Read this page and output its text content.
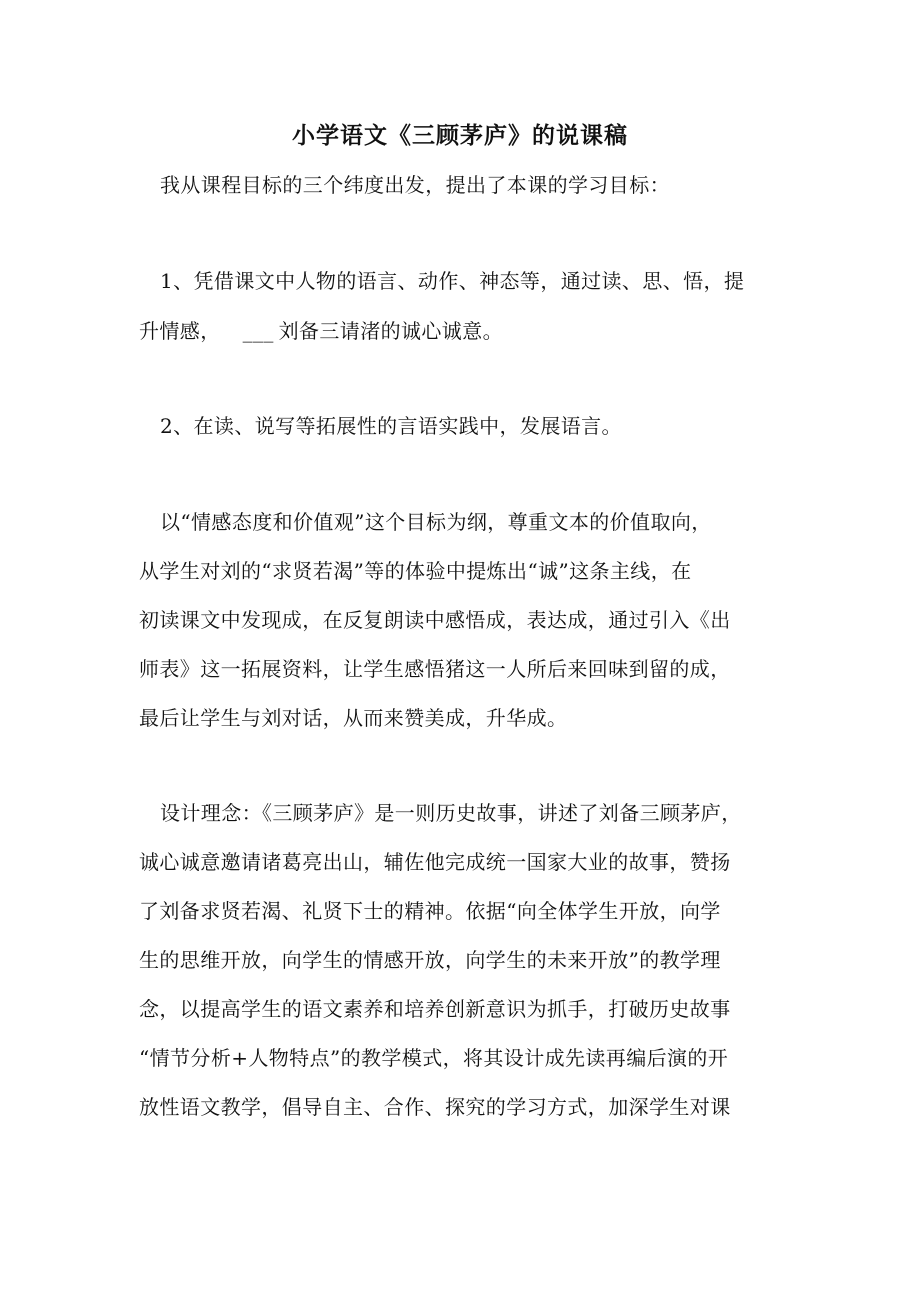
小学语文《三顾茅庐》的说课稿
我从课程目标的三个纬度出发，提出了本课的学习目标：
1、凭借课文中人物的语言、动作、神态等，通过读、思、悟，提
升情感， ___ 刘备三请渚的诚心诚意。
2、在读、说写等拓展性的言语实践中，发展语言。
以“情感态度和价值观”这个目标为纲，尊重文本的价值取向，
从学生对刘的“求贤若渴”等的体验中提炼出“诚”这条主线，在
初读课文中发现成，在反复朗读中感悟成，表达成，通过引入《出
师表》这一拓展资料，让学生感悟猪这一人所后来回味到留的成，
最后让学生与刘对话，从而来赞美成，升华成。
设计理念：《三顾茅庐》是一则历史故事，讲述了刘备三顾茅庐，
诚心诚意邀请诸葛亮出山，辅佐他完成统一国家大业的故事，赞扬
了刘备求贤若渴、礼贤下士的精神。依据“向全体学生开放，向学
生的思维开放，向学生的情感开放，向学生的未来开放”的教学理
念，以提高学生的语文素养和培养创新意识为抓手，打破历史故事
“情节分析+人物特点”的教学模式，将其设计成先读再编后演的开
放性语文教学，倡导自主、合作、探究的学习方式，加深学生对课
